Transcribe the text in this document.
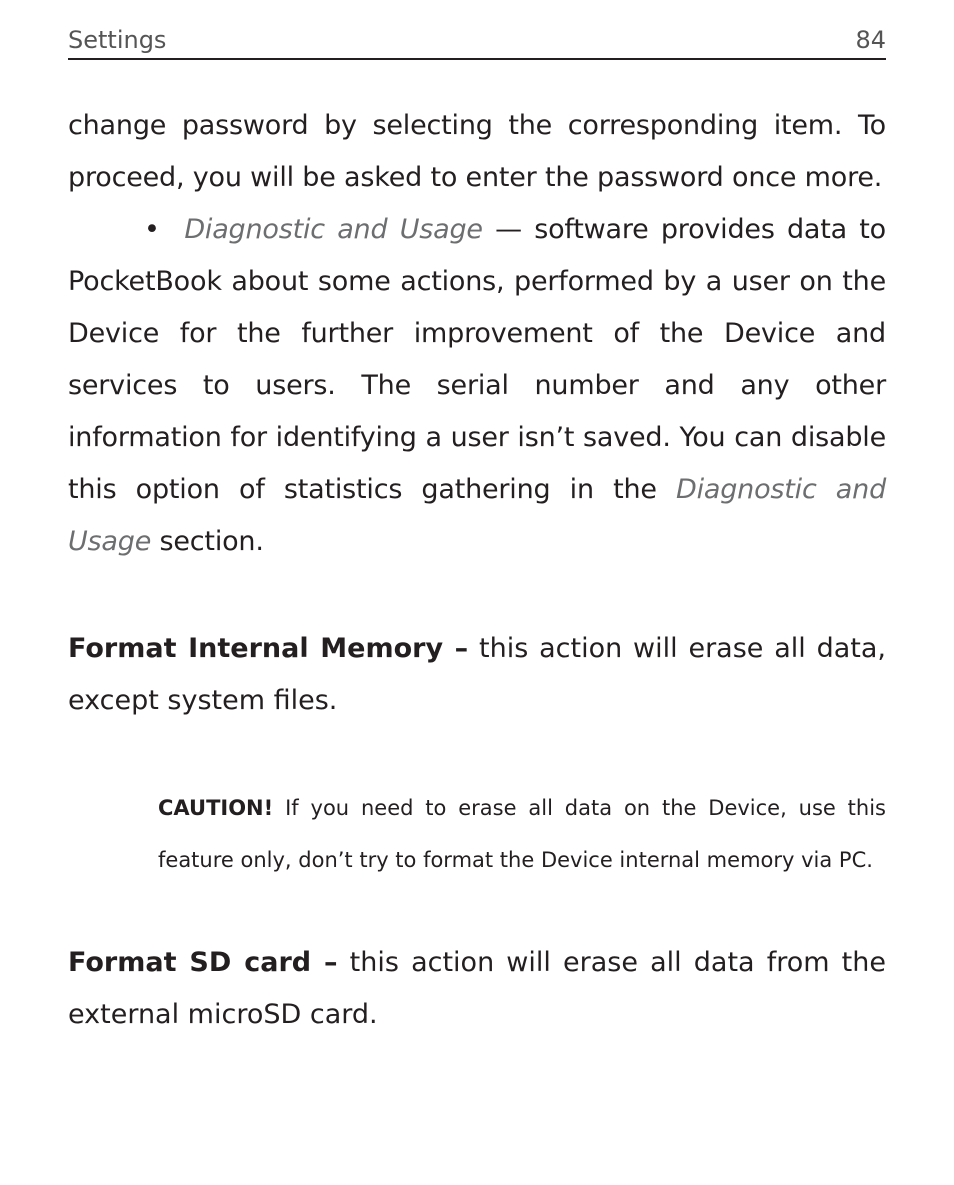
Settings	84

change password by selecting the corresponding item. To proceed, you will be asked to enter the password once more.

• Diagnostic and Usage — software provides data to PocketBook about some actions, performed by a user on the Device for the further improvement of the Device and services to users. The serial number and any other information for identifying a user isn’t saved. You can disable this option of statistics gathering in the Diagnostic and Usage section.

Format Internal Memory – this action will erase all data, except system files.

CAUTION! If you need to erase all data on the Device, use this feature only, don’t try to format the Device internal memory via PC.

Format SD card – this action will erase all data from the external microSD card.
